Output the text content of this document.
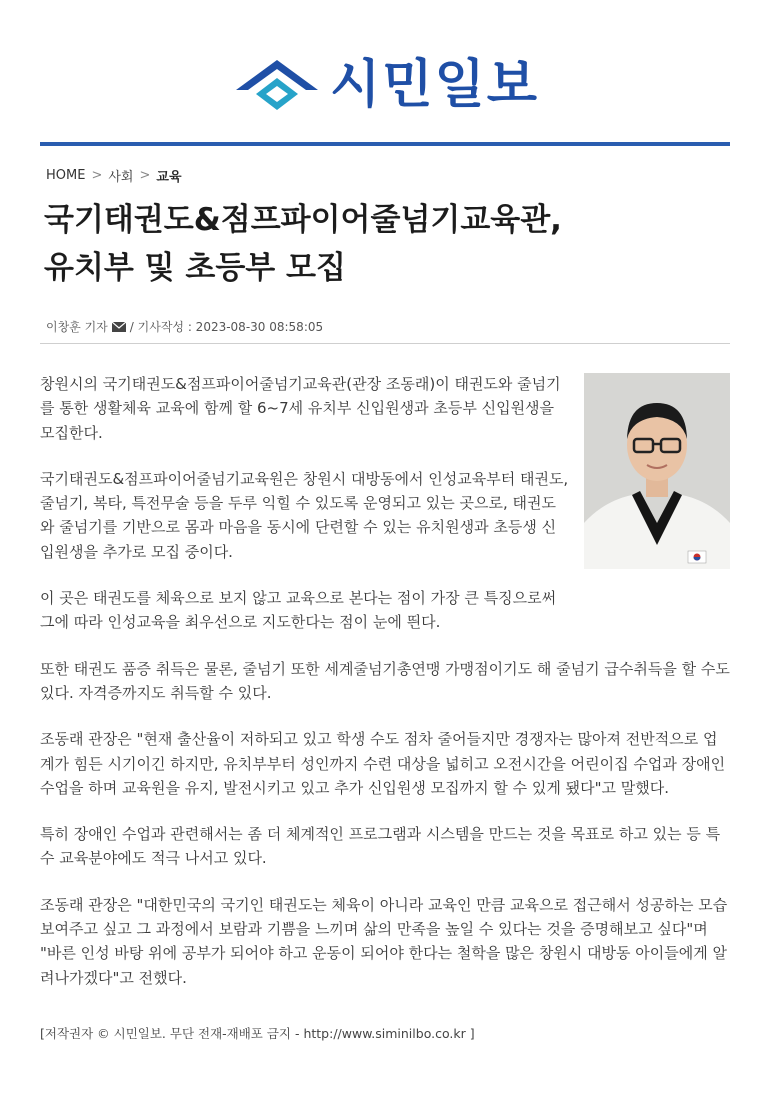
시민일보
HOME > 사회 > 교육
국기태권도&점프파이어줄넘기교육관,
유치부 및 초등부 모집
이창훈 기자 / 기사작성 : 2023-08-30 08:58:05

창원시의 국기태권도&점프파이어줄넘기교육관(관장 조동래)이 태권도와 줄넘기를 통한 생활체육 교육에 함께 할 6~7세 유치부 신입원생과 초등부 신입원생을 모집한다.

국기태권도&점프파이어줄넘기교육원은 창원시 대방동에서 인성교육부터 태권도, 줄넘기, 복타, 특전무술 등을 두루 익힐 수 있도록 운영되고 있는 곳으로, 태권도와 줄넘기를 기반으로 몸과 마음을 동시에 단련할 수 있는 유치원생과 초등생 신입원생을 추가로 모집 중이다.

이 곳은 태권도를 체육으로 보지 않고 교육으로 본다는 점이 가장 큰 특징으로써 그에 따라 인성교육을 최우선으로 지도한다는 점이 눈에 띈다.

또한 태권도 품증 취득은 물론, 줄넘기 또한 세계줄넘기총연맹 가맹점이기도 해 줄넘기 급수취득을 할 수도 있다. 자격증까지도 취득할 수 있다.

조동래 관장은 "현재 출산율이 저하되고 있고 학생 수도 점차 줄어들지만 경쟁자는 많아져 전반적으로 업계가 힘든 시기이긴 하지만, 유치부부터 성인까지 수련 대상을 넓히고 오전시간을 어린이집 수업과 장애인 수업을 하며 교육원을 유지, 발전시키고 있고 추가 신입원생 모집까지 할 수 있게 됐다"고 말했다.

특히 장애인 수업과 관련해서는 좀 더 체계적인 프로그램과 시스템을 만드는 것을 목표로 하고 있는 등 특수 교육분야에도 적극 나서고 있다.

조동래 관장은 "대한민국의 국기인 태권도는 체육이 아니라 교육인 만큼 교육으로 접근해서 성공하는 모습 보여주고 싶고 그 과정에서 보람과 기쁨을 느끼며 삶의 만족을 높일 수 있다는 것을 증명해보고 싶다"며 "바른 인성 바탕 위에 공부가 되어야 하고 운동이 되어야 한다는 철학을 많은 창원시 대방동 아이들에게 알려나가겠다"고 전했다.

[저작권자 © 시민일보. 무단 전재-재배포 금지 - http://www.siminilbo.co.kr ]
